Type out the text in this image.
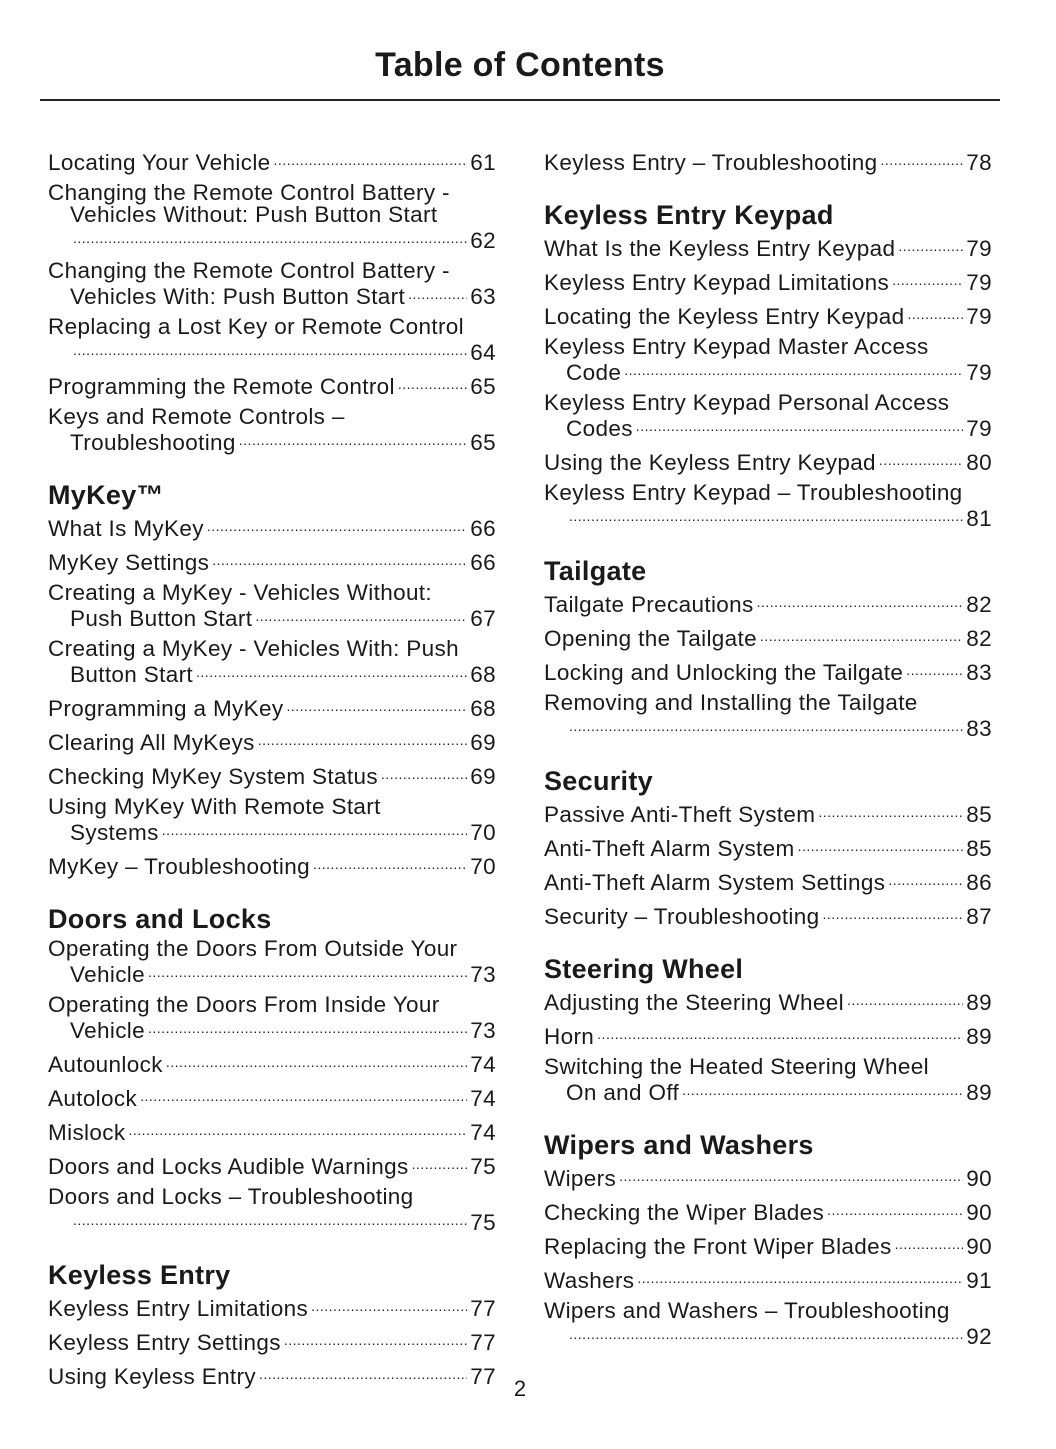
Table of Contents
Locating Your Vehicle .....	61
Changing the Remote Control Battery -
Vehicles Without: Push Button Start
.....
62
Changing the Remote Control Battery -
Vehicles With: Push Button Start .....	63
Replacing a Lost Key or Remote Control
.....
64
Programming the Remote Control .....	65
Keys and Remote Controls –
Troubleshooting .....	65
MyKey™
What Is MyKey .....	66
MyKey Settings .....	66
Creating a MyKey - Vehicles Without:
Push Button Start .....	67
Creating a MyKey - Vehicles With: Push
Button Start .....	68
Programming a MyKey .....	68
Clearing All MyKeys .....	69
Checking MyKey System Status .....	69
Using MyKey With Remote Start
Systems .....	70
MyKey – Troubleshooting .....	70
Doors and Locks
Operating the Doors From Outside Your
Vehicle .....	73
Operating the Doors From Inside Your
Vehicle .....	73
Autounlock .....	74
Autolock .....	74
Mislock .....	74
Doors and Locks Audible Warnings .....	75
Doors and Locks – Troubleshooting
.....
75
Keyless Entry
Keyless Entry Limitations .....	77
Keyless Entry Settings .....	77
Using Keyless Entry .....	77
Keyless Entry – Troubleshooting .....	78
Keyless Entry Keypad
What Is the Keyless Entry Keypad .....	79
Keyless Entry Keypad Limitations .....	79
Locating the Keyless Entry Keypad .....	79
Keyless Entry Keypad Master Access
Code .....	79
Keyless Entry Keypad Personal Access
Codes .....	79
Using the Keyless Entry Keypad .....	80
Keyless Entry Keypad – Troubleshooting
.....
81
Tailgate
Tailgate Precautions .....	82
Opening the Tailgate .....	82
Locking and Unlocking the Tailgate .....	83
Removing and Installing the Tailgate
.....
83
Security
Passive Anti-Theft System .....	85
Anti-Theft Alarm System .....	85
Anti-Theft Alarm System Settings .....	86
Security – Troubleshooting .....	87
Steering Wheel
Adjusting the Steering Wheel .....	89
Horn .....	89
Switching the Heated Steering Wheel
On and Off .....	89
Wipers and Washers
Wipers .....	90
Checking the Wiper Blades .....	90
Replacing the Front Wiper Blades .....	90
Washers .....	91
Wipers and Washers – Troubleshooting
.....
92
2
